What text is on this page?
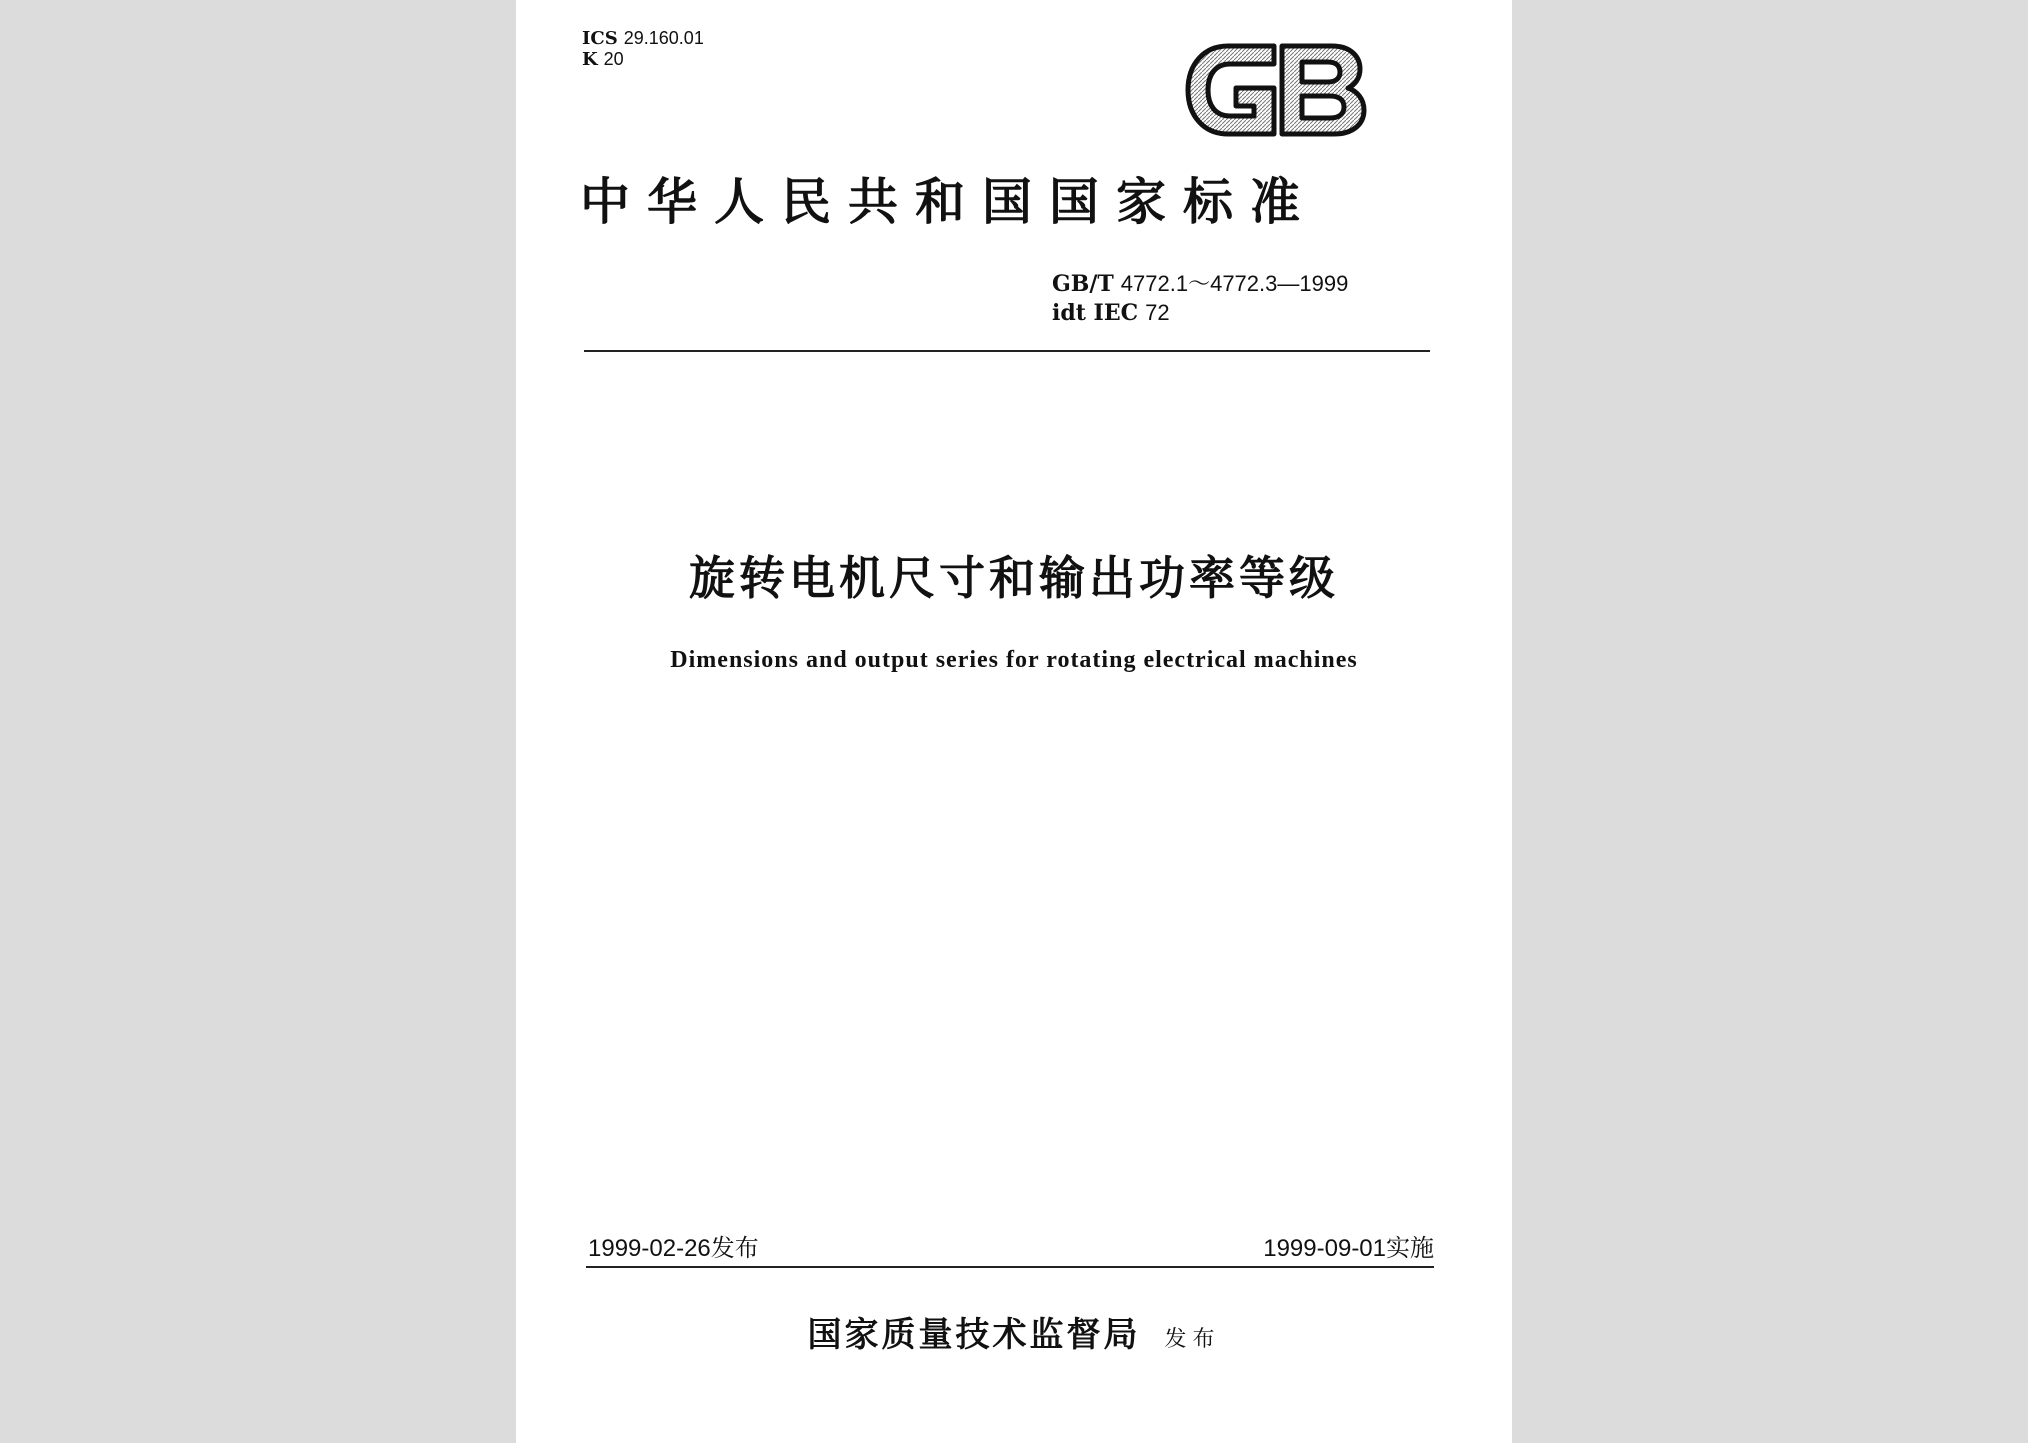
ICS 29.160.01
K 20
中华人民共和国国家标准
GB/T 4772.1～4772.3—1999
idt IEC 72
旋转电机尺寸和输出功率等级
Dimensions and output series for rotating electrical machines
1999-02-26发布	1999-09-01实施
国家质量技术监督局 发布
